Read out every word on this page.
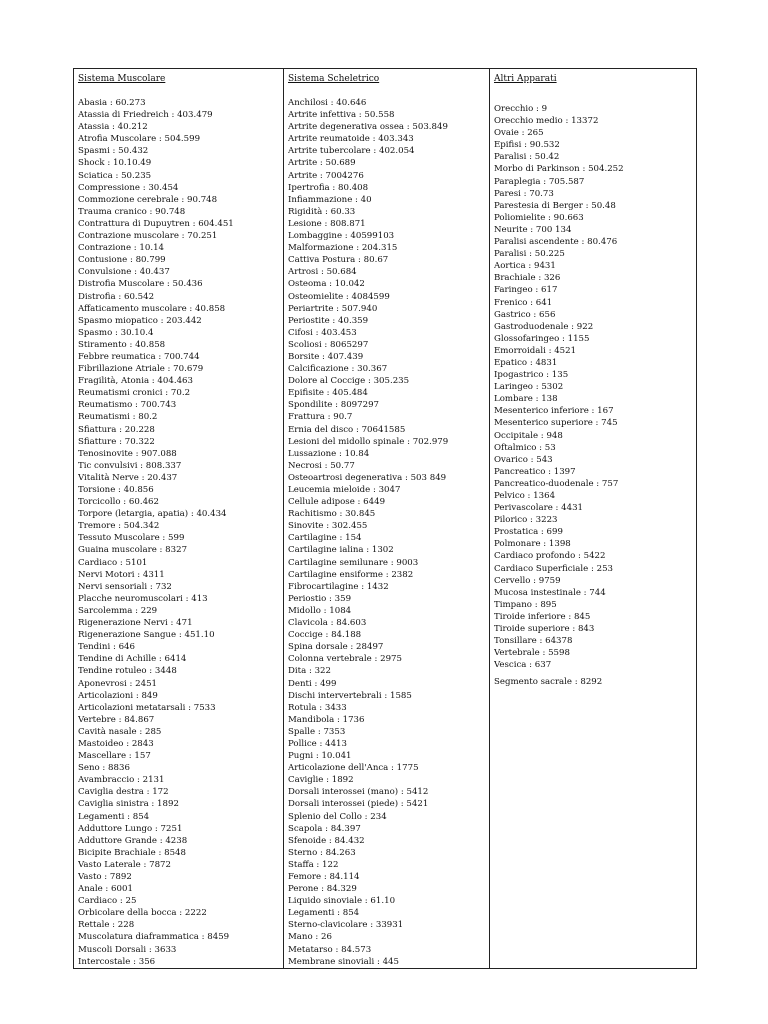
Sistema Muscolare
Abasia : 60.273
Atassia di Friedreich : 403.479
Atassia : 40.212
Atrofia Muscolare : 504.599
Spasmi : 50.432
Shock : 10.10.49
Sciatica : 50.235
Compressione : 30.454
Commozione cerebrale : 90.748
Trauma cranico : 90.748
Contrattura di Dupuytren : 604.451
Contrazione muscolare : 70.251
Contrazione : 10.14
Contusione : 80.799
Convulsione : 40.437
Distrofia Muscolare : 50.436
Distrofia : 60.542
Affaticamento muscolare : 40.858
Spasmo miopatico : 203.442
Spasmo : 30.10.4
Stiramento : 40.858
Febbre reumatica : 700.744
Fibrillazione Atriale : 70.679
Fragilità, Atonia : 404.463
Reumatismi cronici : 70.2
Reumatismo : 700.743
Reumatismi : 80.2
Sfiattura : 20.228
Sfiatture : 70.322
Tenosinovite : 907.088
Tic convulsivi : 808.337
Vitalità Nerve : 20.437
Torsione : 40.856
Torcicollo : 60.462
Torpore (letargia, apatia) : 40.434
Tremore : 504.342
Tessuto Muscolare : 599
Guaina muscolare : 8327
Cardiaco : 5101
Nervi Motori : 4311
Nervi sensoriali : 732
Placche neuromuscolari : 413
Sarcolemma : 229
Rigenerazione Nervi : 471
Rigenerazione Sangue : 451.10
Tendini : 646
Tendine di Achille : 6414
Tendine rotuleo : 3448
Aponevrosi : 2451
Articolazioni : 849
Articolazioni metatarsali : 7533
Vertebre : 84.867
Cavità nasale : 285
Mastoideo : 2843
Mascellare : 157
Seno : 8836
Avambraccio : 2131
Caviglia destra : 172
Caviglia sinistra : 1892
Legamenti : 854
Adduttore Lungo : 7251
Adduttore Grande : 4238
Bicipite Brachiale : 8548
Vasto Laterale : 7872
Vasto : 7892
Anale : 6001
Cardiaco : 25
Orbicolare della bocca : 2222
Rettale : 228
Muscolatura diaframmatica : 8459
Muscoli Dorsali : 3633
Intercostale : 356

Sistema Scheletrico
Anchilosi : 40.646
Artrite infettiva : 50.558
Artrite degenerativa ossea : 503.849
Artrite reumatoide : 403.343
Artrite tubercolare : 402.054
Artrite : 50.689
Artrite : 7004276
Ipertrofia : 80.408
Infiammazione : 40
Rigidità : 60.33
Lesione : 808.871
Lombaggine : 40599103
Malformazione : 204.315
Cattiva Postura : 80.67
Artrosi : 50.684
Osteoma : 10.042
Osteomielite : 4084599
Periartrite : 507.940
Periostite : 40.359
Cifosi : 403.453
Scoliosi : 8065297
Borsite : 407.439
Calcificazione : 30.367
Dolore al Coccige : 305.235
Epifisite : 405.484
Spondilite : 8097297
Frattura : 90.7
Ernia del disco : 70641585
Lesioni del midollo spinale : 702.979
Lussazione : 10.84
Necrosi : 50.77
Osteoartrosi degenerativa : 503 849
Leucemia mieloide : 3047
Cellule adipose : 6449
Rachitismo : 30.845
Sinovite : 302.455
Cartilagine : 154
Cartilagine ialina : 1302
Cartilagine semilunare : 9003
Cartilagine ensiforme : 2382
Fibrocartilagine : 1432
Periostio : 359
Midollo : 1084
Clavicola : 84.603
Coccige : 84.188
Spina dorsale : 28497
Colonna vertebrale : 2975
Dita : 322
Denti : 499
Dischi intervertebrali : 1585
Rotula : 3433
Mandibola : 1736
Spalle : 7353
Pollice : 4413
Pugni : 10.041
Articolazione dell'Anca : 1775
Caviglie : 1892
Dorsali interossei (mano) : 5412
Dorsali interossei (piede) : 5421
Splenio del Collo : 234
Scapola : 84.397
Sfenoide : 84.432
Sterno : 84.263
Staffa : 122
Femore : 84.114
Perone : 84.329
Liquido sinoviale : 61.10
Legamenti : 854
Sterno-clavicolare : 33931
Mano : 26
Metatarso : 84.573
Membrane sinoviali : 445

Altri Apparati
Orecchio : 9
Orecchio medio : 13372
Ovaie : 265
Epifisi : 90.532
Paralisi : 50.42
Morbo di Parkinson : 504.252
Paraplegia : 705.587
Paresi : 70.73
Parestesia di Berger : 50.48
Poliomielite : 90.663
Neurite : 700 134
Paralisi ascendente : 80.476
Paralisi : 50.225
Aortica : 9431
Brachiale : 326
Faringeo : 617
Frenico : 641
Gastrico : 656
Gastroduodenale : 922
Glossofaringeo : 1155
Emorroidali : 4521
Epatico : 4831
Ipogastrico : 135
Laringeo : 5302
Lombare : 138
Mesenterico inferiore : 167
Mesenterico superiore : 745
Occipitale : 948
Oftalmico : 53
Ovarico : 543
Pancreatico : 1397
Pancreatico-duodenale : 757
Pelvico : 1364
Perivascolare : 4431
Pilorico : 3223
Prostatica : 699
Polmonare : 1398
Cardiaco profondo : 5422
Cardiaco Superficiale : 253
Cervello : 9759
Mucosa instestinale : 744
Timpano : 895
Tiroide inferiore : 845
Tiroide superiore : 843
Tonsillare : 64378
Vertebrale : 5598
Vescica : 637
Segmento sacrale : 8292
